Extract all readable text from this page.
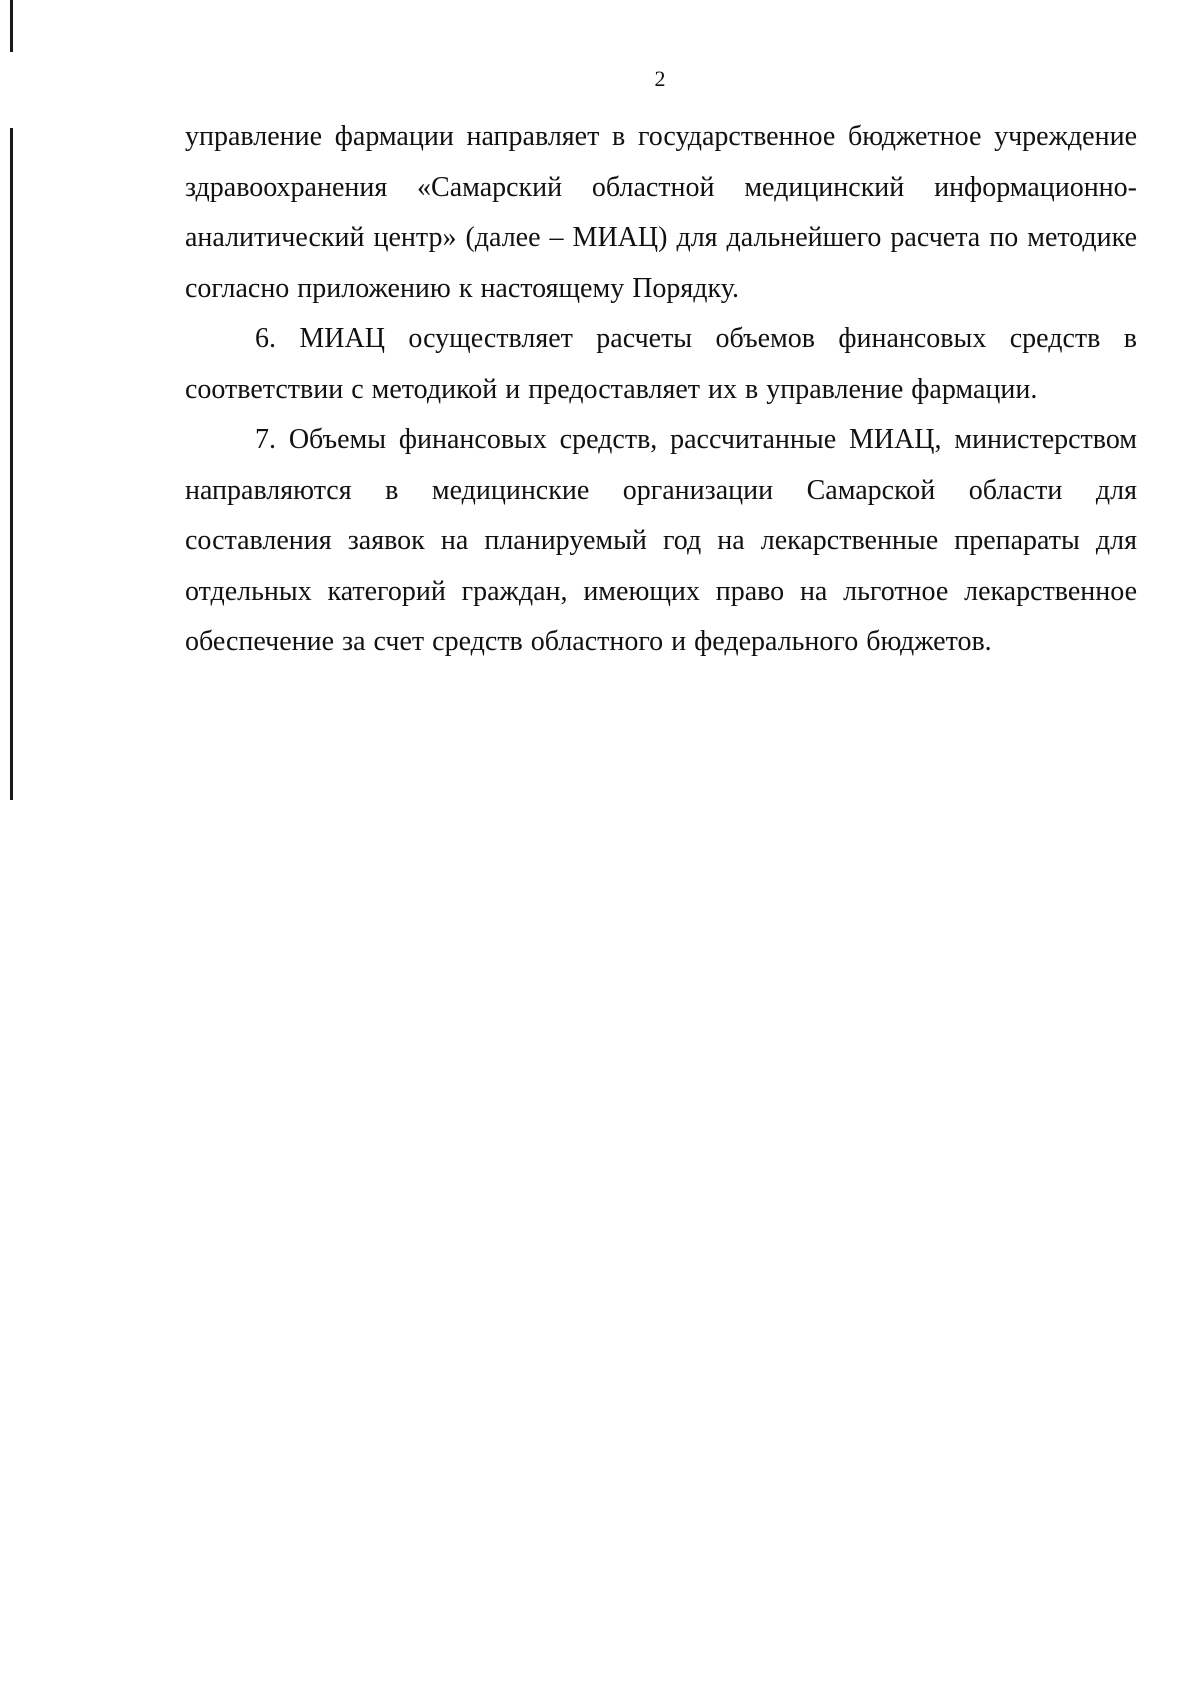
2

управление фармации направляет в государственное бюджетное учреждение здравоохранения «Самарский областной медицинский информационно-аналитический центр» (далее – МИАЦ) для дальнейшего расчета по методике согласно приложению к настоящему Порядку.

6. МИАЦ осуществляет расчеты объемов финансовых средств в соответствии с методикой и предоставляет их в управление фармации.

7. Объемы финансовых средств, рассчитанные МИАЦ, министерством направляются в медицинские организации Самарской области для составления заявок на планируемый год на лекарственные препараты для отдельных категорий граждан, имеющих право на льготное лекарственное обеспечение за счет средств областного и федерального бюджетов.
